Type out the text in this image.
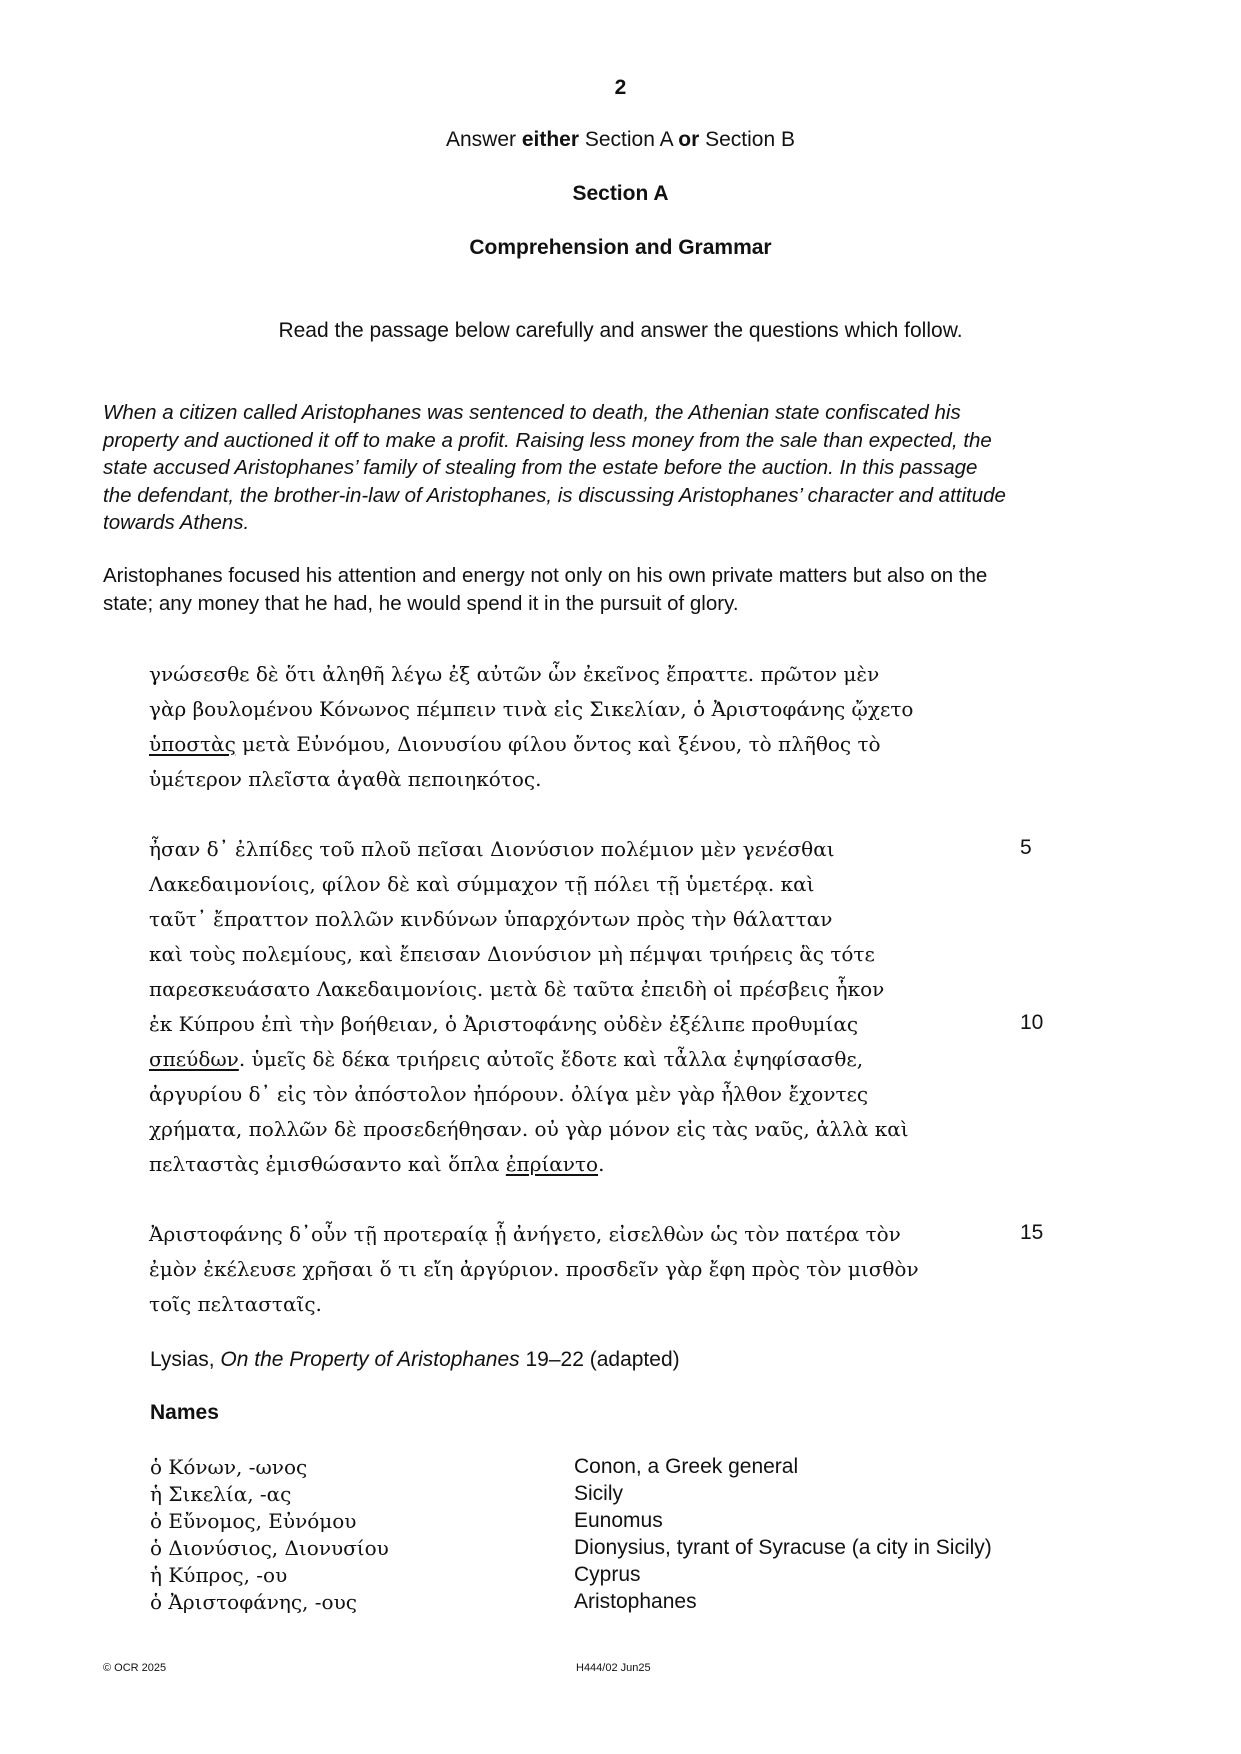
2
Answer either Section A or Section B
Section A
Comprehension and Grammar
Read the passage below carefully and answer the questions which follow.
When a citizen called Aristophanes was sentenced to death, the Athenian state confiscated his
property and auctioned it off to make a profit. Raising less money from the sale than expected, the
state accused Aristophanes’ family of stealing from the estate before the auction. In this passage
the defendant, the brother-in-law of Aristophanes, is discussing Aristophanes’ character and attitude
towards Athens.
Aristophanes focused his attention and energy not only on his own private matters but also on the
state; any money that he had, he would spend it in the pursuit of glory.
γνώσεσθε δὲ ὅτι ἀληθῆ λέγω ἐξ αὐτῶν ὧν ἐκεῖνος ἔπραττε. πρῶτον μὲν
γὰρ βουλομένου Κόνωνος πέμπειν τινὰ εἰς Σικελίαν, ὁ Ἀριστοφάνης ᾤχετο
ὑποστὰς μετὰ Εὐνόμου, Διονυσίου φίλου ὄντος καὶ ξένου, τὸ πλῆθος τὸ
ὑμέτερον πλεῖστα ἀγαθὰ πεποιηκότος.
ἦσαν δ᾽ ἐλπίδες τοῦ πλοῦ πεῖσαι Διονύσιον πολέμιον μὲν γενέσθαι
Λακεδαιμονίοις, φίλον δὲ καὶ σύμμαχον τῇ πόλει τῇ ὑμετέρᾳ. καὶ
ταῦτ᾽ ἔπραττον πολλῶν κινδύνων ὑπαρχόντων πρὸς τὴν θάλατταν
καὶ τοὺς πολεμίους, καὶ ἔπεισαν Διονύσιον μὴ πέμψαι τριήρεις ἃς τότε
παρεσκευάσατο Λακεδαιμονίοις. μετὰ δὲ ταῦτα ἐπειδὴ οἱ πρέσβεις ἧκον
ἐκ Κύπρου ἐπὶ τὴν βοήθειαν, ὁ Ἀριστοφάνης οὐδὲν ἐξέλιπε προθυμίας
σπεύδων. ὑμεῖς δὲ δέκα τριήρεις αὐτοῖς ἔδοτε καὶ τἆλλα ἐψηφίσασθε,
ἀργυρίου δ᾽ εἰς τὸν ἀπόστολον ἠπόρουν. ὀλίγα μὲν γὰρ ἦλθον ἔχοντες
χρήματα, πολλῶν δὲ προσεδεήθησαν. οὐ γὰρ μόνον εἰς τὰς ναῦς, ἀλλὰ καὶ
πελταστὰς ἐμισθώσαντο καὶ ὅπλα ἐπρίαντο.
Ἀριστοφάνης δ᾽οὖν τῇ προτεραίᾳ ᾗ ἀνήγετο, εἰσελθὼν ὡς τὸν πατέρα τὸν
ἐμὸν ἐκέλευσε χρῆσαι ὅ τι εἴη ἀργύριον. προσδεῖν γὰρ ἔφη πρὸς τὸν μισθὸν
τοῖς πελτασταῖς.
5
10
15
Lysias, On the Property of Aristophanes 19–22 (adapted)
Names
ὁ Κόνων, -ωνος	Conon, a Greek general
ἡ Σικελία, -ας	Sicily
ὁ Εὔνομος, Εὐνόμου	Eunomus
ὁ Διονύσιος, Διονυσίου	Dionysius, tyrant of Syracuse (a city in Sicily)
ἡ Κύπρος, -ου	Cyprus
ὁ Ἀριστοφάνης, -ους	Aristophanes
© OCR 2025	H444/02 Jun25
